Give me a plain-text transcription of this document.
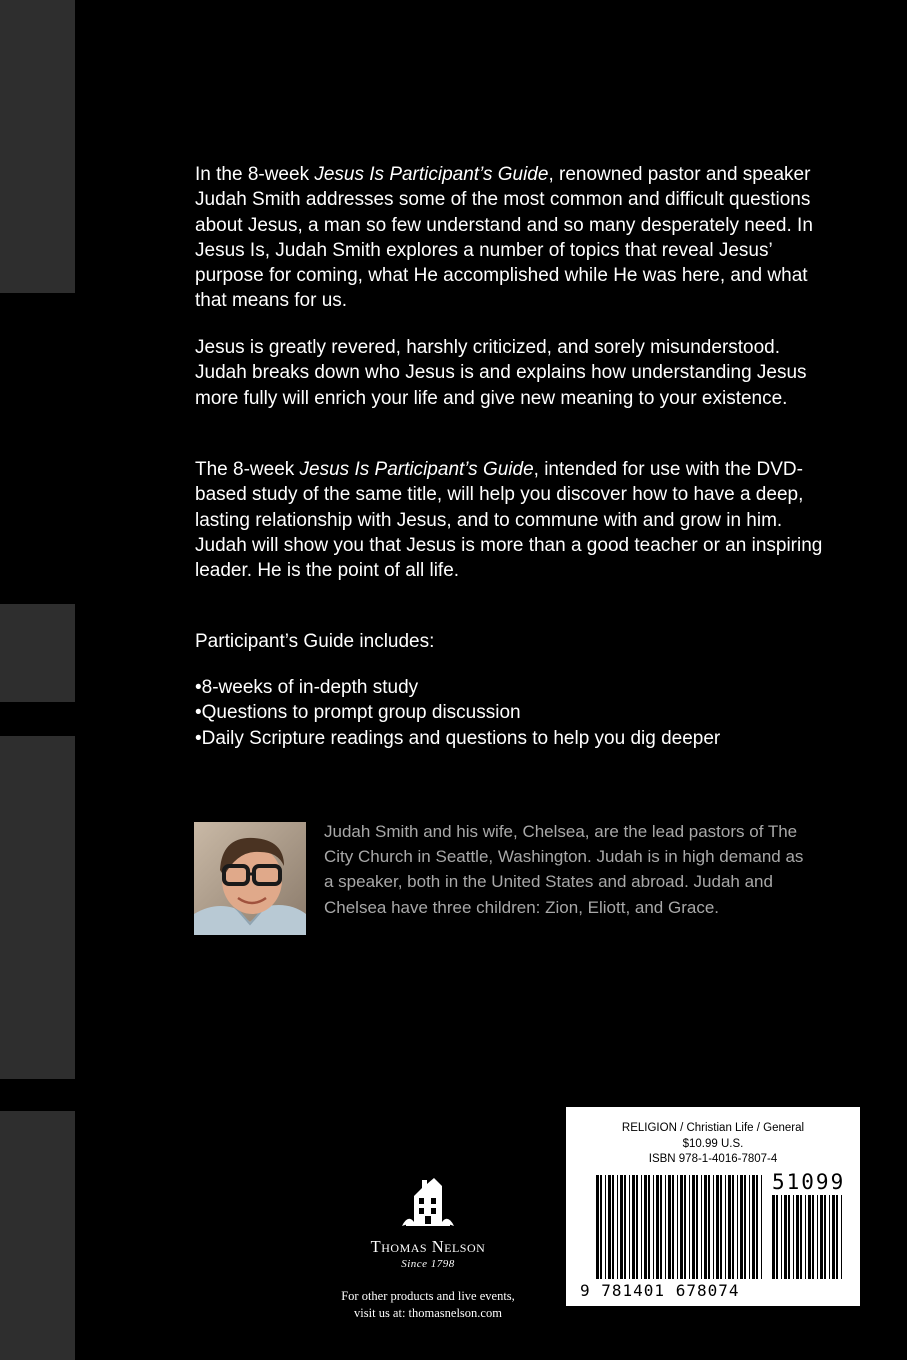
In the 8-week Jesus Is Participant’s Guide, renowned pastor and speaker Judah Smith addresses some of the most common and difficult questions about Jesus, a man so few understand and so many desperately need. In Jesus Is, Judah Smith explores a number of topics that reveal Jesus’ purpose for coming, what He accomplished while He was here, and what that means for us.

Jesus is greatly revered, harshly criticized, and sorely misunderstood. Judah breaks down who Jesus is and explains how understanding Jesus more fully will enrich your life and give new meaning to your existence.

The 8-week Jesus Is Participant’s Guide, intended for use with the DVD-based study of the same title, will help you discover how to have a deep, lasting relationship with Jesus, and to commune with and grow in him. Judah will show you that Jesus is more than a good teacher or an inspiring leader. He is the point of all life.

Participant’s Guide includes:

•8-weeks of in-depth study
•Questions to prompt group discussion
•Daily Scripture readings and questions to help you dig deeper
Judah Smith and his wife, Chelsea, are the lead pastors of The City Church in Seattle, Washington. Judah is in high demand as a speaker, both in the United States and abroad. Judah and Chelsea have three children: Zion, Eliott, and Grace.
Thomas Nelson
Since 1798
For other products and live events,
visit us at: thomasnelson.com
RELIGION / Christian Life / General
$10.99 U.S.
ISBN 978-1-4016-7807-4
51099
9 781401 678074
